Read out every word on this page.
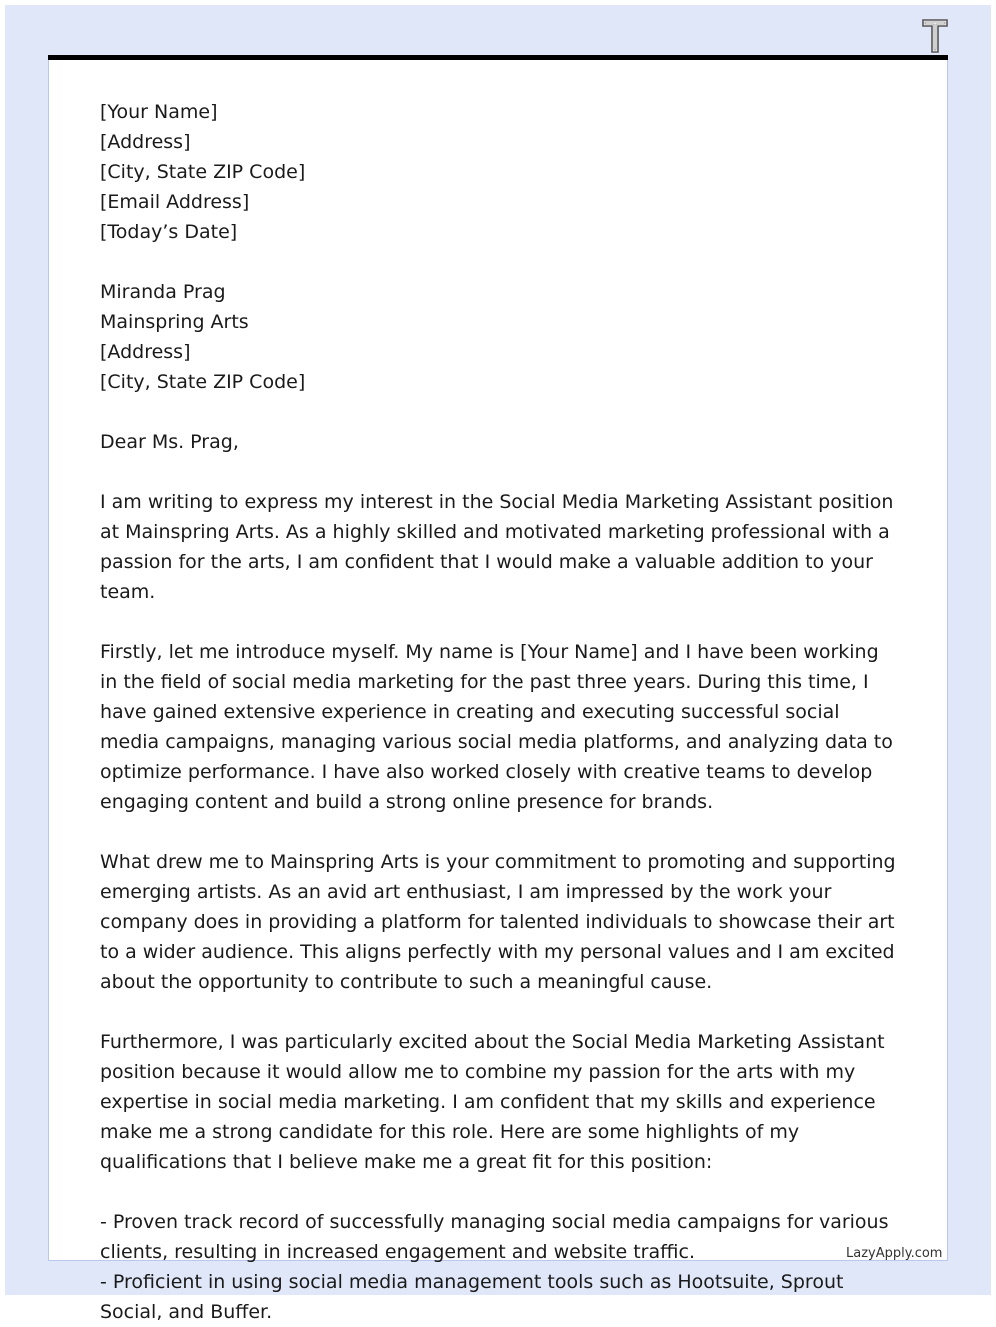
[Your Name]
[Address]
[City, State ZIP Code]
[Email Address]
[Today’s Date]
Miranda Prag
Mainspring Arts
[Address]
[City, State ZIP Code]

Dear Ms. Prag,

I am writing to express my interest in the Social Media Marketing Assistant position at Mainspring Arts. As a highly skilled and motivated marketing professional with a passion for the arts, I am confident that I would make a valuable addition to your team.

Firstly, let me introduce myself. My name is [Your Name] and I have been working in the field of social media marketing for the past three years. During this time, I have gained extensive experience in creating and executing successful social media campaigns, managing various social media platforms, and analyzing data to optimize performance. I have also worked closely with creative teams to develop engaging content and build a strong online presence for brands.

What drew me to Mainspring Arts is your commitment to promoting and supporting emerging artists. As an avid art enthusiast, I am impressed by the work your company does in providing a platform for talented individuals to showcase their art to a wider audience. This aligns perfectly with my personal values and I am excited about the opportunity to contribute to such a meaningful cause.

Furthermore, I was particularly excited about the Social Media Marketing Assistant position because it would allow me to combine my passion for the arts with my expertise in social media marketing. I am confident that my skills and experience make me a strong candidate for this role. Here are some highlights of my qualifications that I believe make me a great fit for this position:

- Proven track record of successfully managing social media campaigns for various clients, resulting in increased engagement and website traffic.
- Proficient in using social media management tools such as Hootsuite, Sprout Social, and Buffer.
LazyApply.com
